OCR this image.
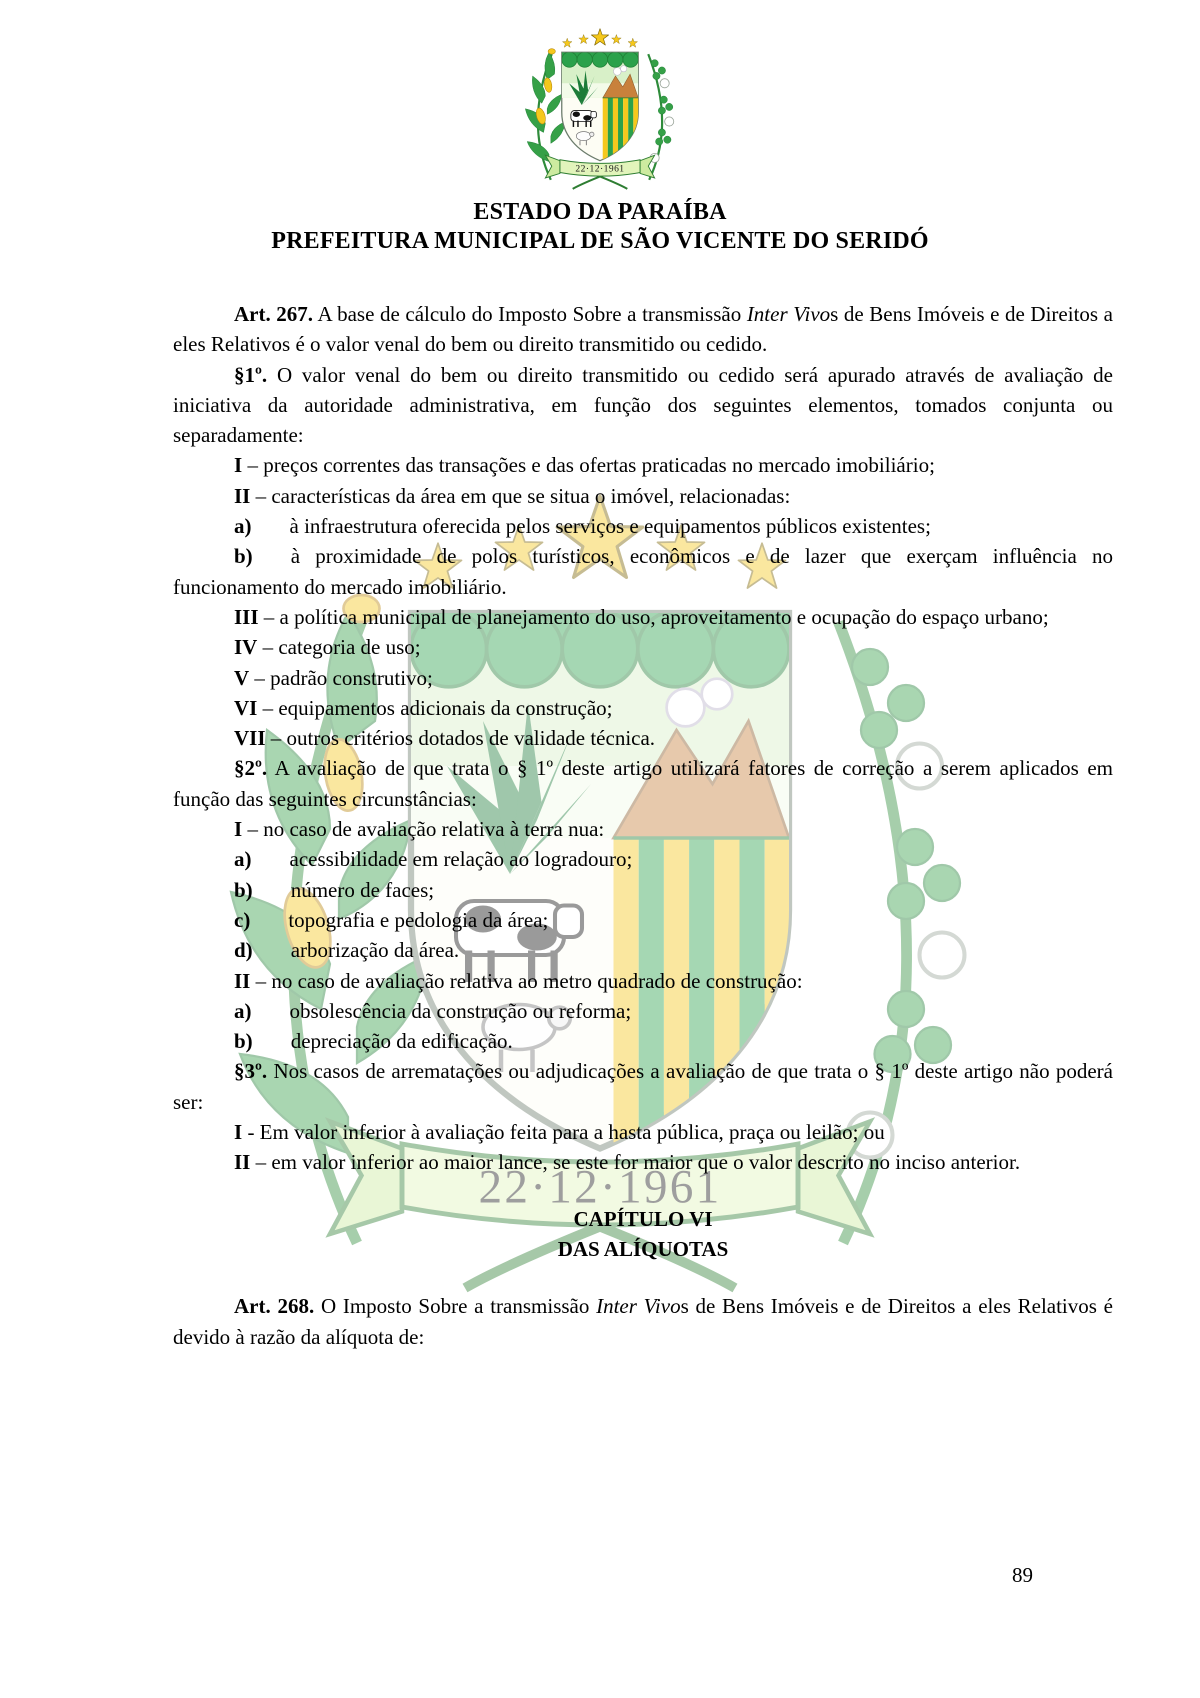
ESTADO DA PARAÍBA
PREFEITURA MUNICIPAL DE SÃO VICENTE DO SERIDÓ

Art. 267. A base de cálculo do Imposto Sobre a transmissão Inter Vivos de Bens Imóveis e de Direitos a eles Relativos é o valor venal do bem ou direito transmitido ou cedido.

§1º. O valor venal do bem ou direito transmitido ou cedido será apurado através de avaliação de iniciativa da autoridade administrativa, em função dos seguintes elementos, tomados conjunta ou separadamente:

I – preços correntes das transações e das ofertas praticadas no mercado imobiliário;

II – características da área em que se situa o imóvel, relacionadas:

a) à infraestrutura oferecida pelos serviços e equipamentos públicos existentes;

b) à proximidade de polos turísticos, econômicos e de lazer que exerçam influência no funcionamento do mercado imobiliário.

III – a política municipal de planejamento do uso, aproveitamento e ocupação do espaço urbano;

IV – categoria de uso;

V – padrão construtivo;

VI – equipamentos adicionais da construção;

VII – outros critérios dotados de validade técnica.

§2º. A avaliação de que trata o § 1º deste artigo utilizará fatores de correção a serem aplicados em função das seguintes circunstâncias:

I – no caso de avaliação relativa à terra nua:

a) acessibilidade em relação ao logradouro;

b) número de faces;

c) topografia e pedologia da área;

d) arborização da área.

II – no caso de avaliação relativa ao metro quadrado de construção:

a) obsolescência da construção ou reforma;

b) depreciação da edificação.

§3º. Nos casos de arrematações ou adjudicações a avaliação de que trata o § 1º deste artigo não poderá ser:

I - Em valor inferior à avaliação feita para a hasta pública, praça ou leilão; ou

II – em valor inferior ao maior lance, se este for maior que o valor descrito no inciso anterior.

CAPÍTULO VI
DAS ALÍQUOTAS

Art. 268. O Imposto Sobre a transmissão Inter Vivos de Bens Imóveis e de Direitos a eles Relativos é devido à razão da alíquota de:

89
